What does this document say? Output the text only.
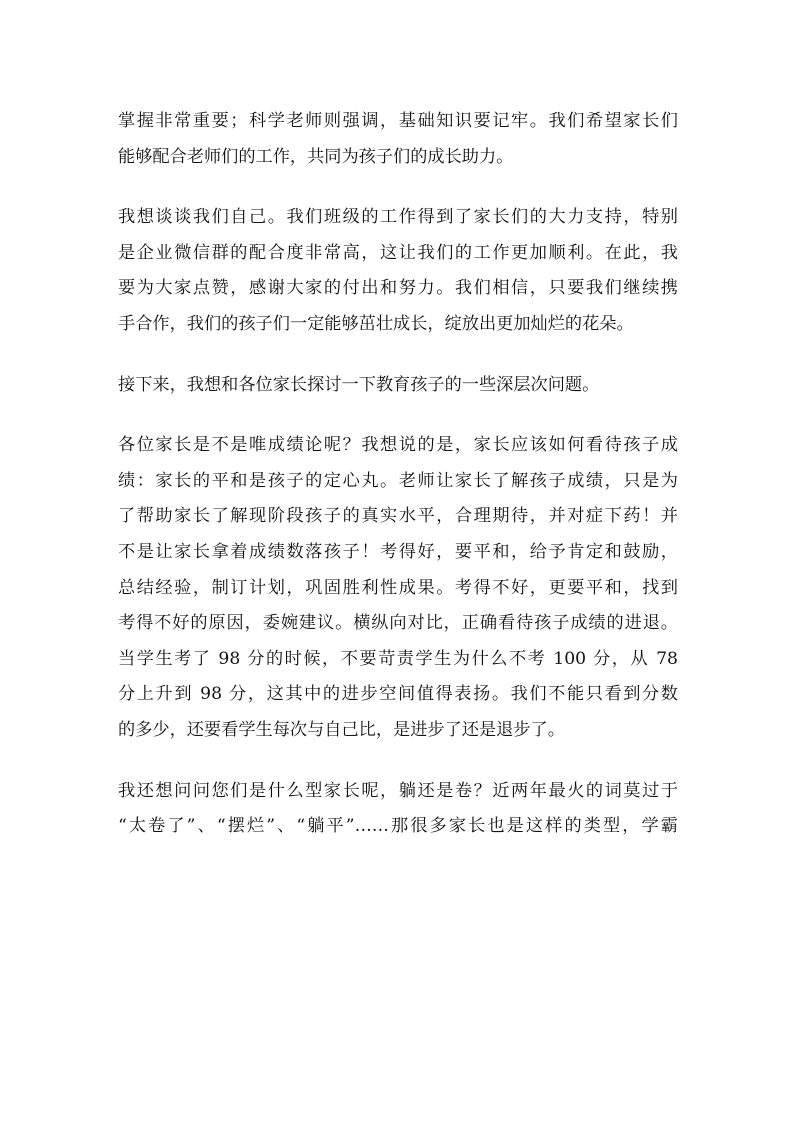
掌握非常重要；科学老师则强调，基础知识要记牢。我们希望家长们
能够配合老师们的工作，共同为孩子们的成长助力。
我想谈谈我们自己。我们班级的工作得到了家长们的大力支持，特别
是企业微信群的配合度非常高，这让我们的工作更加顺利。在此，我
要为大家点赞，感谢大家的付出和努力。我们相信，只要我们继续携
手合作，我们的孩子们一定能够茁壮成长，绽放出更加灿烂的花朵。
接下来，我想和各位家长探讨一下教育孩子的一些深层次问题。
各位家长是不是唯成绩论呢？我想说的是，家长应该如何看待孩子成
绩：家长的平和是孩子的定心丸。老师让家长了解孩子成绩，只是为
了帮助家长了解现阶段孩子的真实水平，合理期待，并对症下药！并
不是让家长拿着成绩数落孩子！考得好，要平和，给予肯定和鼓励，
总结经验，制订计划，巩固胜利性成果。考得不好，更要平和，找到
考得不好的原因，委婉建议。横纵向对比，正确看待孩子成绩的进退。
当学生考了 98 分的时候，不要苛责学生为什么不考 100 分，从 78
分上升到 98 分，这其中的进步空间值得表扬。我们不能只看到分数
的多少，还要看学生每次与自己比，是进步了还是退步了。
我还想问问您们是什么型家长呢，躺还是卷？近两年最火的词莫过于
“太卷了”、“摆烂”、“躺平”……那很多家长也是这样的类型，学霸
